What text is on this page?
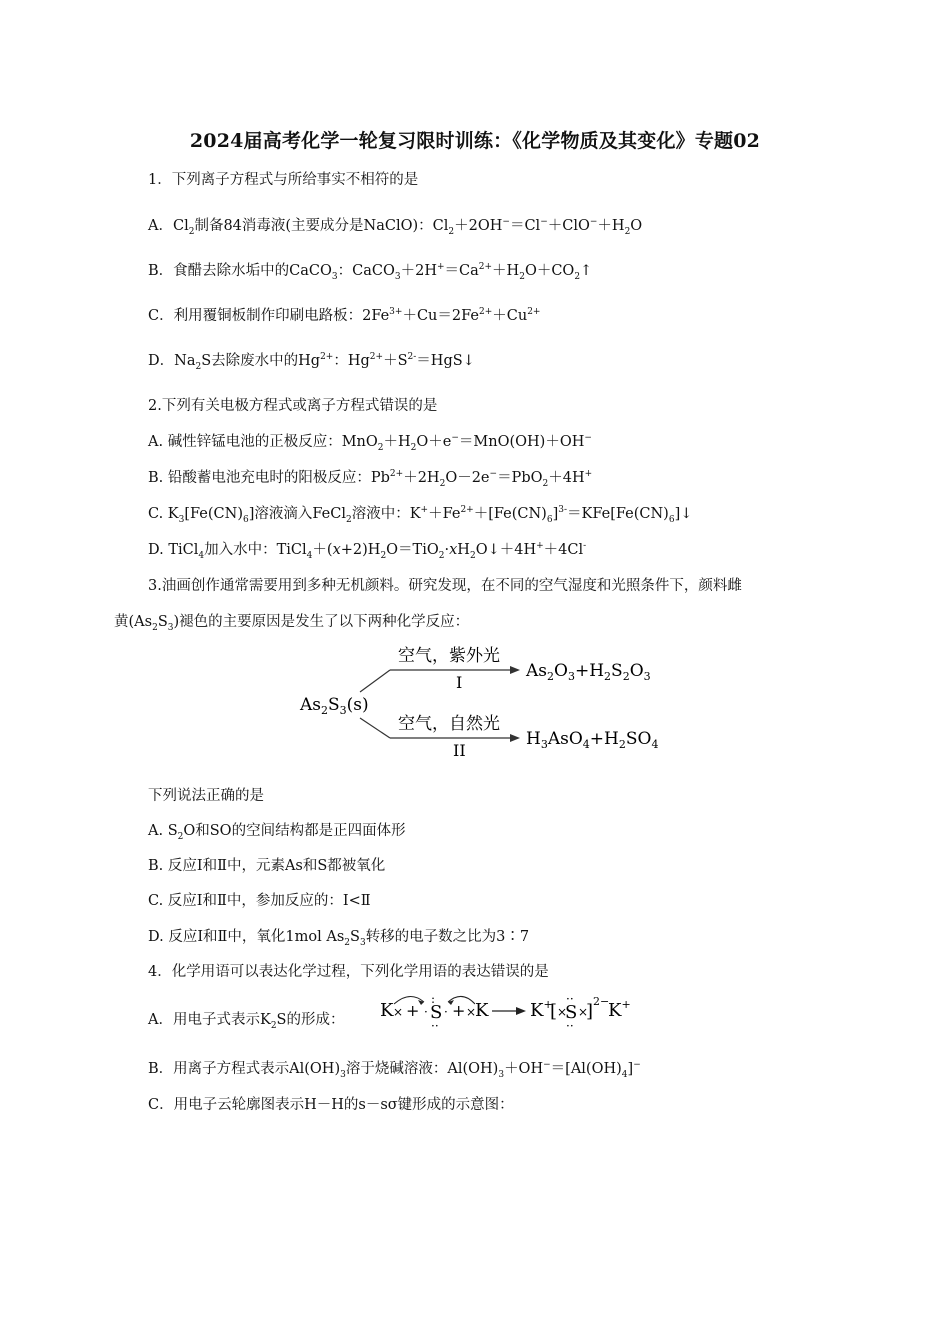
2024届高考化学一轮复习限时训练：《化学物质及其变化》专题02
1．下列离子方程式与所给事实不相符的是
A．$Cl_2$制备84消毒液(主要成分是NaClO)：$Cl_2+2OH^-=Cl^-+ClO^-+H_2O$
B．食醋去除水垢中的CaCO$_3$：$CaCO_3+2H^+=Ca^{2+}+H_2O+CO_2↑$
C．利用覆铜板制作印刷电路板：$2Fe^{3+}+Cu=2Fe^{2+}+Cu^{2+}$
D．$Na_2S$去除废水中的$Hg^{2+}$：$Hg^{2+}+S^{2-}=HgS↓$
2.下列有关电极方程式或离子方程式错误的是
A. 碱性锌锰电池的正极反应：$MnO_2+H_2O+e^-=MnO(OH)+OH^-$
B. 铅酸蓄电池充电时的阳极反应：$Pb^{2+}+2H_2O-2e^-=PbO_2+4H^+$
C. $K_3[Fe(CN)_6]$溶液滴入FeCl$_2$溶液中：$K^++Fe^{2+}+[Fe(CN)_6]^{3-}=KFe[Fe(CN)_6]↓$
D. TiCl$_4$加入水中：$TiCl_4+(x+2)H_2O=TiO_2\cdot xH_2O↓+4H^++4Cl^-$
3.油画创作通常需要用到多种无机颜料。研究发现，在不同的空气湿度和光照条件下，颜料雌
黄$(As_2S_3)$褪色的主要原因是发生了以下两种化学反应：
$As_2S_3(s)$
空气，紫外光
I
$As_2O_3+H_2S_2O_3$
空气，自然光
II
$H_3AsO_4+H_2SO_4$
下列说法正确的是
A. $S_2O$和SO的空间结构都是正四面体形
B. 反应Ⅰ和Ⅱ中，元素As和S都被氧化
C. 反应Ⅰ和Ⅱ中，参加反应的：Ⅰ<Ⅱ
D. 反应Ⅰ和Ⅱ中，氧化1mol $As_2S_3$转移的电子数之比为3∶7
4．化学用语可以表达化学过程，下列化学用语的表达错误的是
A．用电子式表示$K_2S$的形成： K × + · S
:
··
· + ×
K K+
[ ×
S
··
··
×
] 2−
K+
B．用离子方程式表示$Al(OH)_3$溶于烧碱溶液：$Al(OH)_3+OH^-=[Al(OH)_4]^-$
C．用电子云轮廓图表示H－H的s－sσ键形成的示意图：
